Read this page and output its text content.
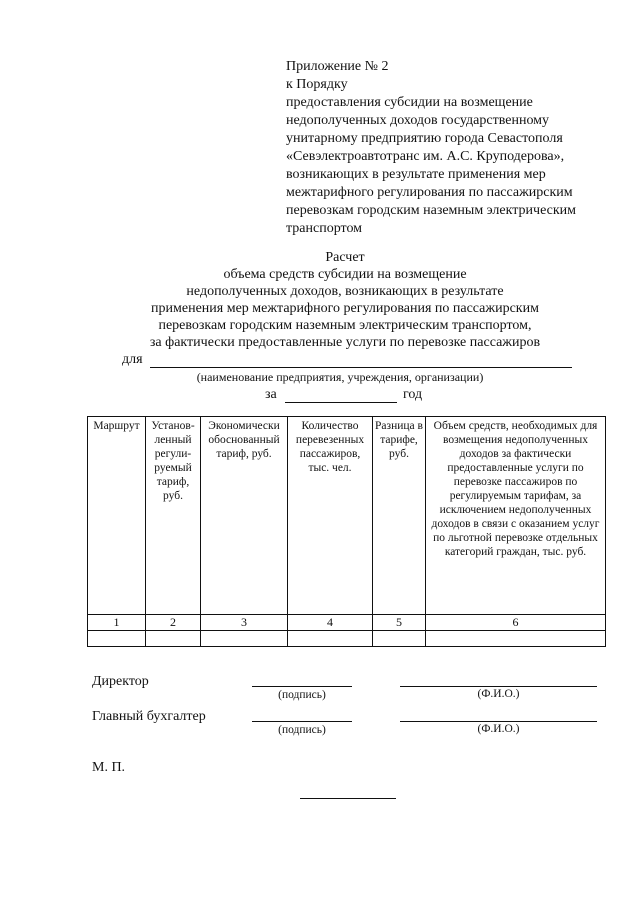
Приложение № 2
к Порядку
предоставления субсидии на возмещение
недополученных доходов государственному
унитарному предприятию города Севастополя
«Севэлектроавтотранс им. А.С. Круподерова»,
возникающих в результате применения мер
межтарифного регулирования по пассажирским
перевозкам городским наземным электрическим
транспортом
Расчет
объема средств субсидии на возмещение
недополученных доходов, возникающих в результате
применения мер межтарифного регулирования по пассажирским
перевозкам городским наземным электрическим транспортом,
за фактически предоставленные услуги по перевозке пассажиров
для
(наименование предприятия, учреждения, организации)
за	год
Маршрут	Установ-ленный регули-руемый тариф, руб.	Экономически обоснованный тариф, руб.	Количество перевезенных пассажиров, тыс. чел.	Разница в тарифе, руб.	Объем средств, необходимых для возмещения недополученных доходов за фактически предоставленные услуги по перевозке пассажиров по регулируемым тарифам, за исключением недополученных доходов в связи с оказанием услуг по льготной перевозке отдельных категорий граждан, тыс. руб.
1	2	3	4	5	6

Директор
(подпись)	(Ф.И.О.)
Главный бухгалтер
(подпись)	(Ф.И.О.)
М. П.
